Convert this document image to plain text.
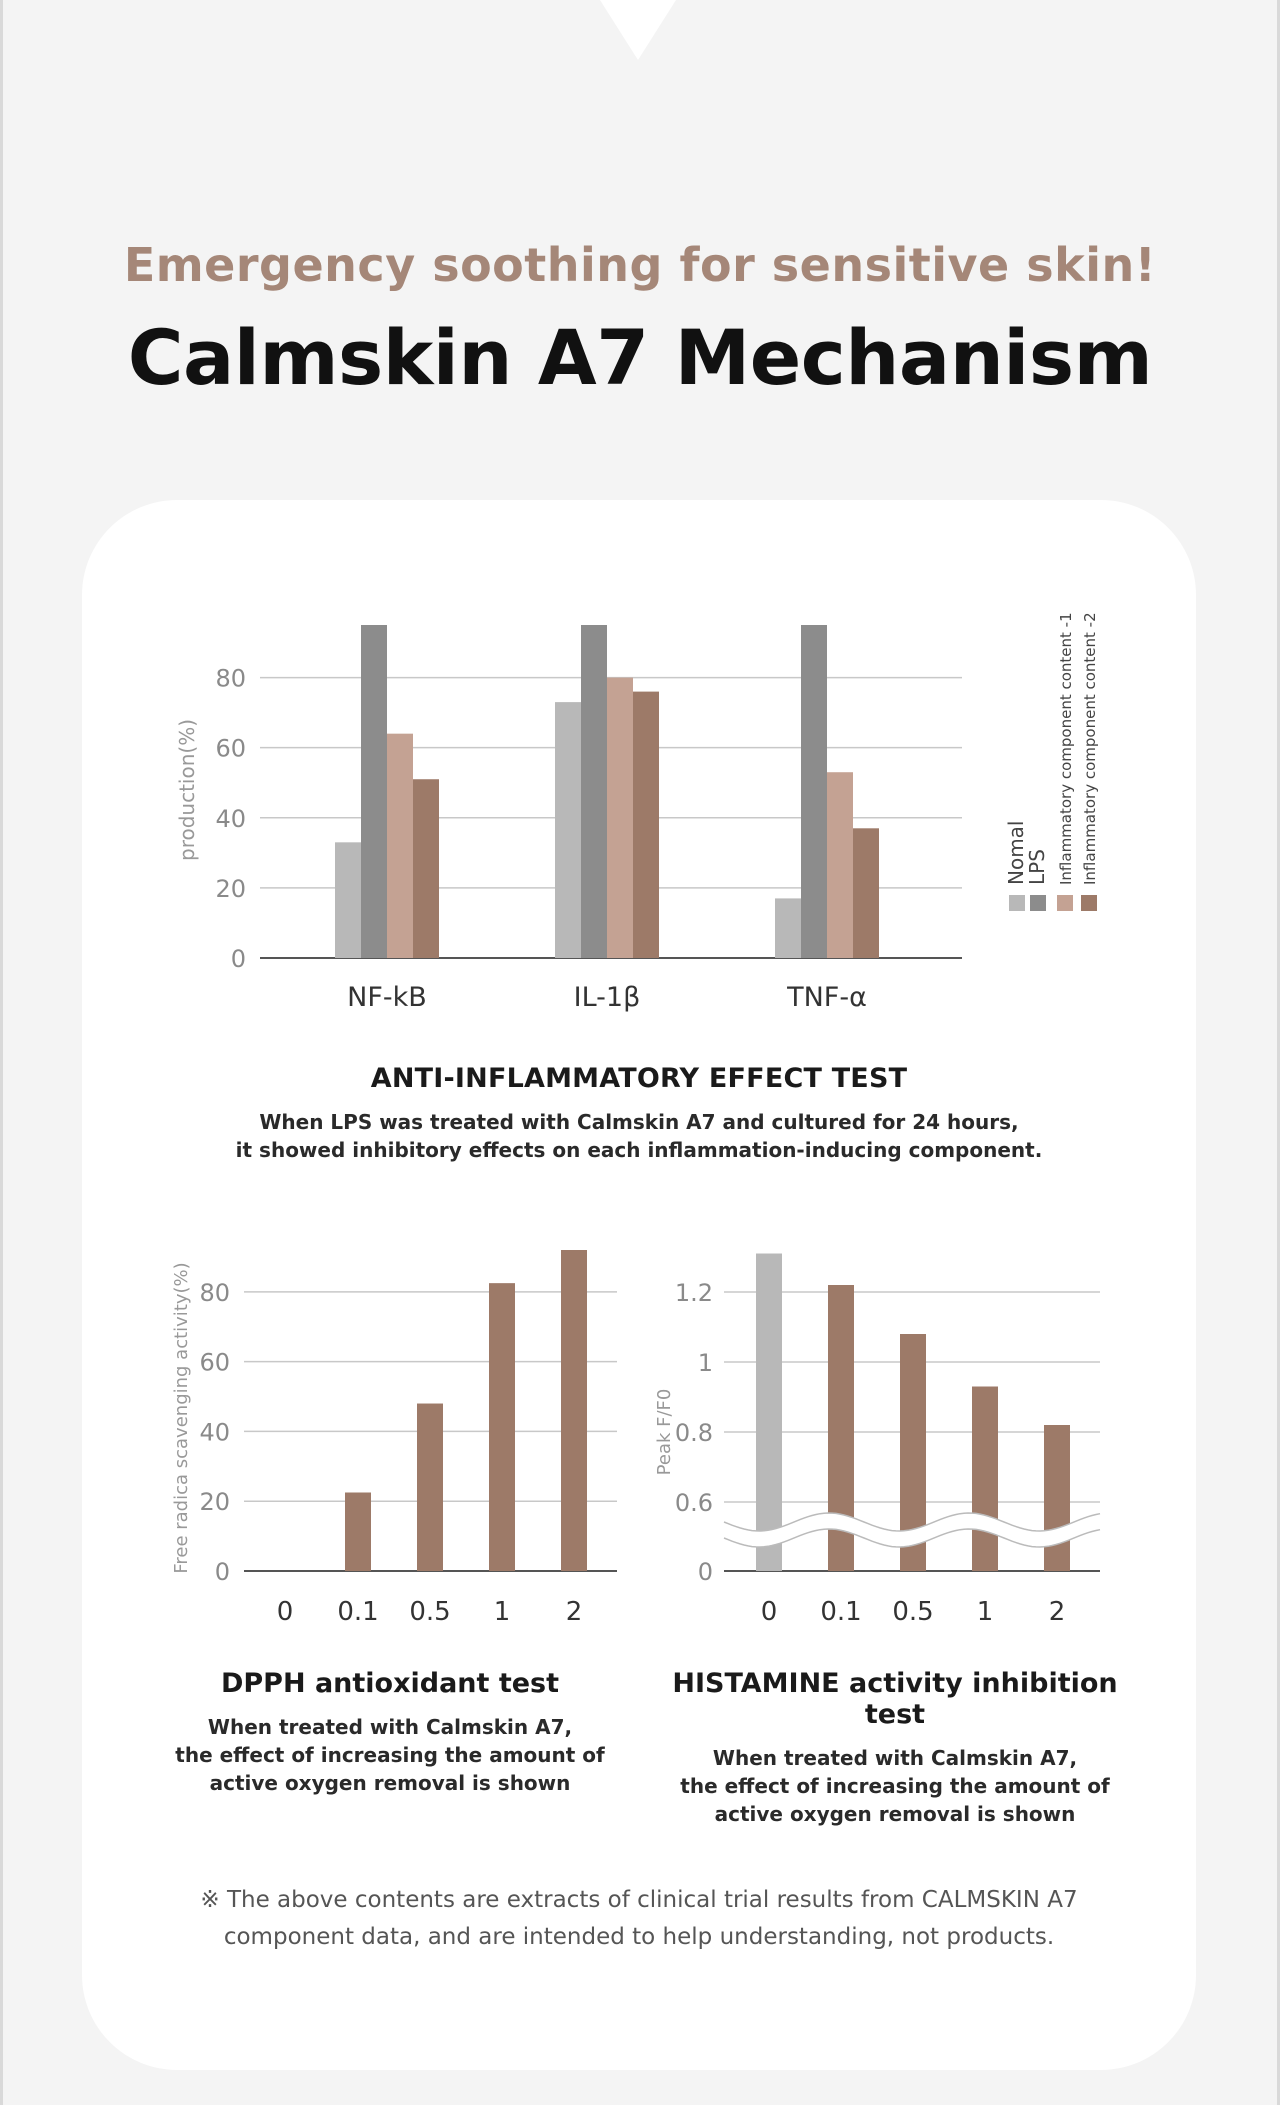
Emergency soothing for sensitive skin!
Calmskin A7 Mechanism
0
20
40
60
80
production(%)
NF-kB	IL-1β	TNF-α
Nomal
LPS Inflammatory component content -1 Inflammatory component content -2
ANTI-INFLAMMATORY EFFECT TEST
When LPS was treated with Calmskin A7 and cultured for 24 hours,
it showed inhibitory effects on each inflammation-inducing component.
0
20
40
60
80
Free radica scavenging activity(%)
0 0.1 0.5 1 2
0
0.6
0.8
1
1.2
Peak F/F0
0 0.1 0.5 1 2
DPPH antioxidant test
When treated with Calmskin A7,
the effect of increasing the amount of
active oxygen removal is shown
HISTAMINE activity inhibition test
When treated with Calmskin A7,
the effect of increasing the amount of
active oxygen removal is shown
※ The above contents are extracts of clinical trial results from CALMSKIN A7
component data, and are intended to help understanding, not products.
